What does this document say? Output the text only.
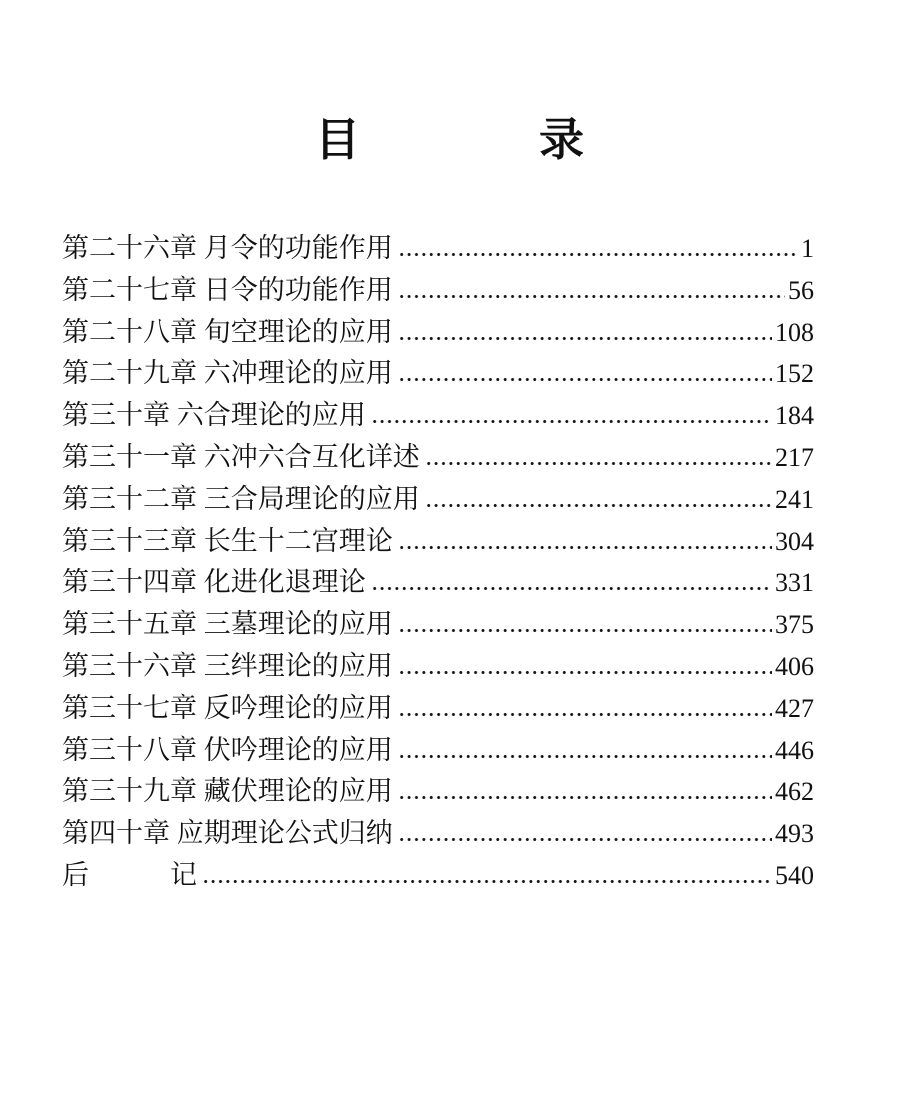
目	录
第二十六章 月令的功能作用	1
第二十七章 日令的功能作用	56
第二十八章 旬空理论的应用	108
第二十九章 六冲理论的应用	152
第三十章 六合理论的应用	184
第三十一章 六冲六合互化详述	217
第三十二章 三合局理论的应用	241
第三十三章 长生十二宫理论	304
第三十四章 化进化退理论	331
第三十五章 三墓理论的应用	375
第三十六章 三绊理论的应用	406
第三十七章 反吟理论的应用	427
第三十八章 伏吟理论的应用	446
第三十九章 藏伏理论的应用	462
第四十章 应期理论公式归纳	493
后　　　记	540
